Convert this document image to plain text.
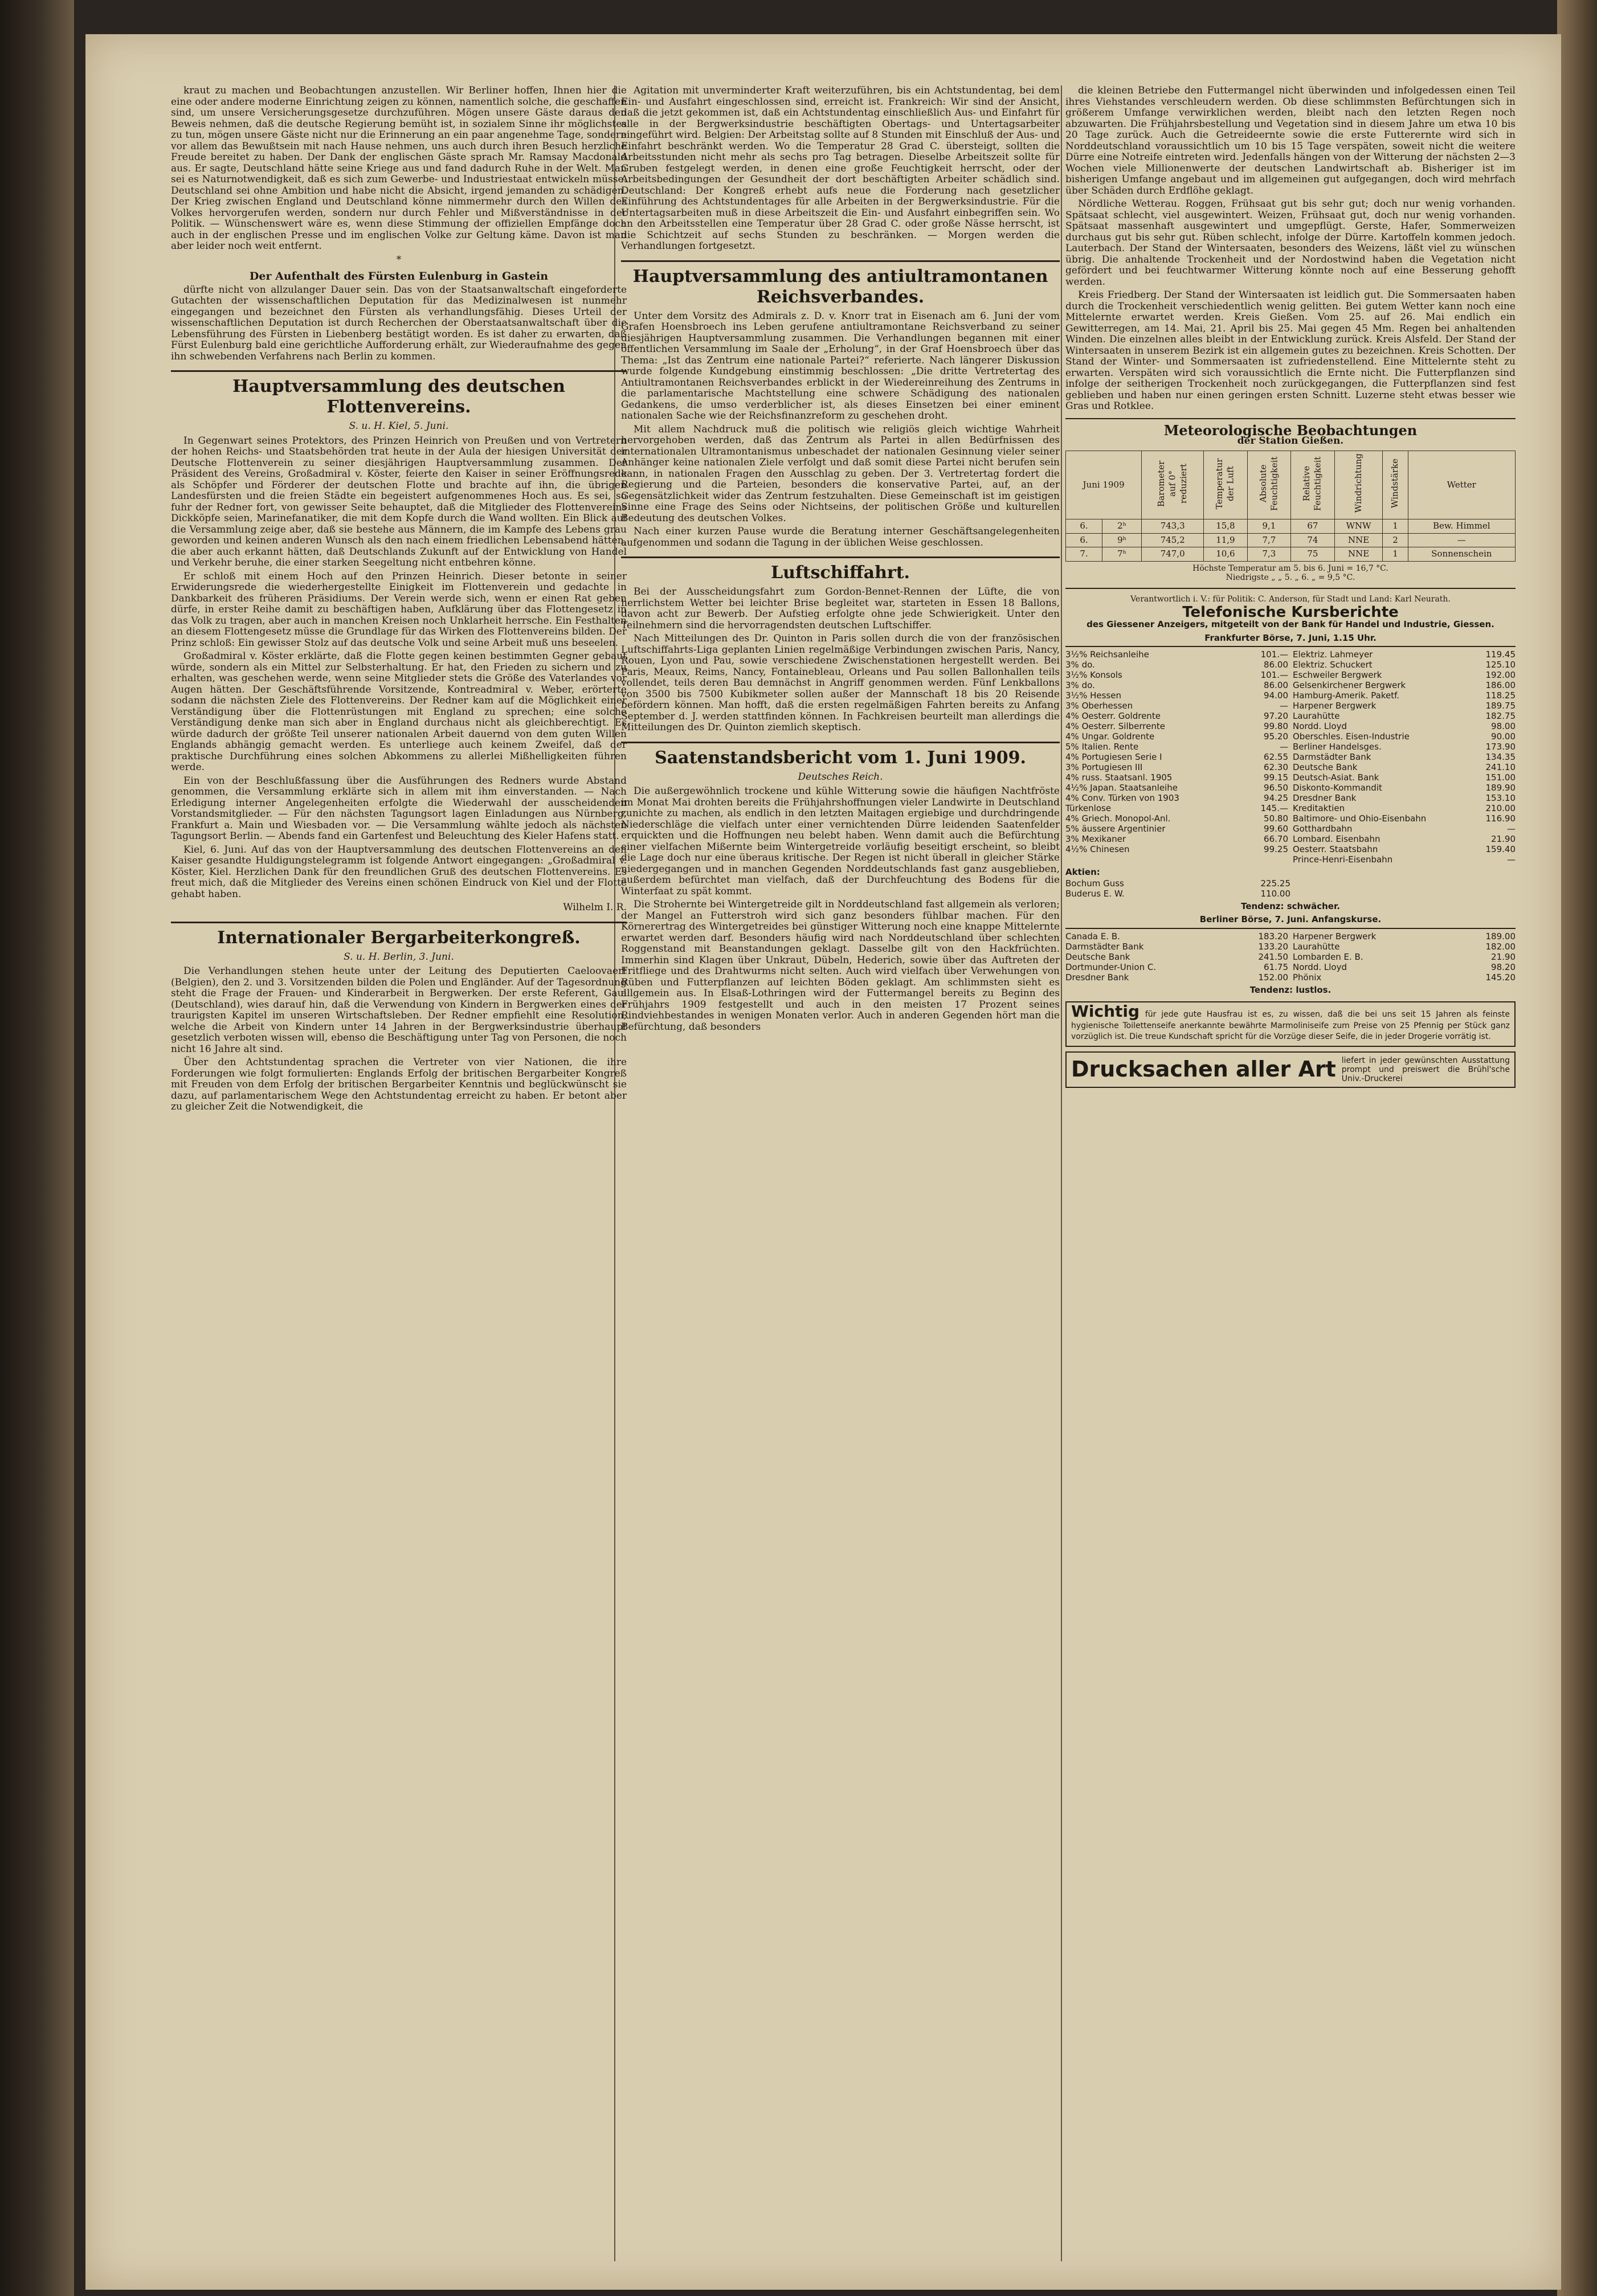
kraut zu machen und Beobachtungen anzustellen. Wir Berliner hoffen, Ihnen hier die eine oder andere moderne Einrichtung zeigen zu können, namentlich solche, die geschaffen sind, um unsere Versicherungsgesetze durchzuführen. Mögen unsere Gäste daraus den Beweis nehmen, daß die deutsche Regierung bemüht ist, in sozialem Sinne ihr möglichstes zu tun, mögen unsere Gäste nicht nur die Erinnerung an ein paar angenehme Tage, sondern vor allem das Bewußtsein mit nach Hause nehmen, uns auch durch ihren Besuch herzliche Freude bereitet zu haben. Der Dank der englischen Gäste sprach Mr. Ramsay Macdonald aus. Er sagte, Deutschland hätte seine Kriege aus und fand dadurch Ruhe in der Welt. Man sei es Naturnotwendigkeit, daß es sich zum Gewerbe- und Industriestaat entwickeln müsse. Deutschland sei ohne Ambition und habe nicht die Absicht, irgend jemanden zu schädigen. Der Krieg zwischen England und Deutschland könne nimmermehr durch den Willen des Volkes hervorgerufen werden, sondern nur durch Fehler und Mißverständnisse in der Politik. — Wünschenswert wäre es, wenn diese Stimmung der offiziellen Empfänge doch auch in der englischen Presse und im englischen Volke zur Geltung käme. Davon ist man aber leider noch weit entfernt.

*
Der Aufenthalt des Fürsten Eulenburg in Gastein

dürfte nicht von allzulanger Dauer sein. Das von der Staatsanwaltschaft eingeforderte Gutachten der wissenschaftlichen Deputation für das Medizinalwesen ist nunmehr eingegangen und bezeichnet den Fürsten als verhandlungsfähig. Dieses Urteil der wissenschaftlichen Deputation ist durch Recherchen der Oberstaatsanwaltschaft über die Lebensführung des Fürsten in Liebenberg bestätigt worden. Es ist daher zu erwarten, daß Fürst Eulenburg bald eine gerichtliche Aufforderung erhält, zur Wiederaufnahme des gegen ihn schwebenden Verfahrens nach Berlin zu kommen.

Hauptversammlung des deutschen Flottenvereins.
S. u. H. Kiel, 5. Juni.

In Gegenwart seines Protektors, des Prinzen Heinrich von Preußen und von Vertretern der hohen Reichs- und Staatsbehörden trat heute in der Aula der hiesigen Universität der Deutsche Flottenverein zu seiner diesjährigen Hauptversammlung zusammen. Der Präsident des Vereins, Großadmiral v. Köster, feierte den Kaiser in seiner Eröffnungsrede als Schöpfer und Förderer der deutschen Flotte und brachte auf ihn, die übrigen Landesfürsten und die freien Städte ein begeistert aufgenommenes Hoch aus. Es sei, so fuhr der Redner fort, von gewisser Seite behauptet, daß die Mitglieder des Flottenvereins Dickköpfe seien, Marinefanatiker, die mit dem Kopfe durch die Wand wollten. Ein Blick auf die Versammlung zeige aber, daß sie bestehe aus Männern, die im Kampfe des Lebens grau geworden und keinen anderen Wunsch als den nach einem friedlichen Lebensabend hätten, die aber auch erkannt hätten, daß Deutschlands Zukunft auf der Entwicklung von Handel und Verkehr beruhe, die einer starken Seegeltung nicht entbehren könne.

Er schloß mit einem Hoch auf den Prinzen Heinrich. Dieser betonte in seiner Erwiderungsrede die wiederhergestellte Einigkeit im Flottenverein und gedachte in Dankbarkeit des früheren Präsidiums. Der Verein werde sich, wenn er einen Rat geben dürfe, in erster Reihe damit zu beschäftigen haben, Aufklärung über das Flottengesetz in das Volk zu tragen, aber auch in manchen Kreisen noch Unklarheit herrsche. Ein Festhalten an diesem Flottengesetz müsse die Grundlage für das Wirken des Flottenvereins bilden. Der Prinz schloß: Ein gewisser Stolz auf das deutsche Volk und seine Arbeit muß uns beseelen.

Großadmiral v. Köster erklärte, daß die Flotte gegen keinen bestimmten Gegner gebaut würde, sondern als ein Mittel zur Selbsterhaltung. Er hat, den Frieden zu sichern und zu erhalten, was geschehen werde, wenn seine Mitglieder stets die Größe des Vaterlandes vor Augen hätten. Der Geschäftsführende Vorsitzende, Kontreadmiral v. Weber, erörterte sodann die nächsten Ziele des Flottenvereins. Der Redner kam auf die Möglichkeit einer Verständigung über die Flottenrüstungen mit England zu sprechen; eine solche Verständigung denke man sich aber in England durchaus nicht als gleichberechtigt. Es würde dadurch der größte Teil unserer nationalen Arbeit dauernd von dem guten Willen Englands abhängig gemacht werden. Es unterliege auch keinem Zweifel, daß der praktische Durchführung eines solchen Abkommens zu allerlei Mißhelligkeiten führen werde.

Ein von der Beschlußfassung über die Ausführungen des Redners wurde Abstand genommen, die Versammlung erklärte sich in allem mit ihm einverstanden. — Nach Erledigung interner Angelegenheiten erfolgte die Wiederwahl der ausscheidenden Vorstandsmitglieder. — Für den nächsten Tagungsort lagen Einladungen aus Nürnberg, Frankfurt a. Main und Wiesbaden vor. — Die Versammlung wählte jedoch als nächsten Tagungsort Berlin. — Abends fand ein Gartenfest und Beleuchtung des Kieler Hafens statt.

Kiel, 6. Juni. Auf das von der Hauptversammlung des deutschen Flottenvereins an den Kaiser gesandte Huldigungstelegramm ist folgende Antwort eingegangen: „Großadmiral v. Köster, Kiel. Herzlichen Dank für den freundlichen Gruß des deutschen Flottenvereins. Es freut mich, daß die Mitglieder des Vereins einen schönen Eindruck von Kiel und der Flotte gehabt haben.

Wilhelm I. R.
Internationaler Bergarbeiterkongreß.
S. u. H. Berlin, 3. Juni.

Die Verhandlungen stehen heute unter der Leitung des Deputierten Caeloovaert (Belgien), den 2. und 3. Vorsitzenden bilden die Polen und Engländer. Auf der Tagesordnung steht die Frage der Frauen- und Kinderarbeit in Bergwerken. Der erste Referent, Gaul (Deutschland), wies darauf hin, daß die Verwendung von Kindern in Bergwerken eines der traurigsten Kapitel im unseren Wirtschaftsleben. Der Redner empfiehlt eine Resolution, welche die Arbeit von Kindern unter 14 Jahren in der Bergwerksindustrie überhaupt gesetzlich verboten wissen will, ebenso die Beschäftigung unter Tag von Personen, die noch nicht 16 Jahre alt sind.

Über den Achtstundentag sprachen die Vertreter von vier Nationen, die ihre Forderungen wie folgt formulierten: Englands Erfolg der britischen Bergarbeiter Kongreß mit Freuden von dem Erfolg der britischen Bergarbeiter Kenntnis und beglückwünscht sie dazu, auf parlamentarischem Wege den Achtstundentag erreicht zu haben. Er betont aber zu gleicher Zeit die Notwendigkeit, die

Agitation mit unverminderter Kraft weiterzuführen, bis ein Achtstundentag, bei dem Ein- und Ausfahrt eingeschlossen sind, erreicht ist. Frankreich: Wir sind der Ansicht, daß die jetzt gekommen ist, daß ein Achtstundentag einschließlich Aus- und Einfahrt für alle in der Bergwerksindustrie beschäftigten Obertags- und Untertagsarbeiter eingeführt wird. Belgien: Der Arbeitstag sollte auf 8 Stunden mit Einschluß der Aus- und Einfahrt beschränkt werden. Wo die Temperatur 28 Grad C. übersteigt, sollten die Arbeitsstunden nicht mehr als sechs pro Tag betragen. Dieselbe Arbeitszeit sollte für Gruben festgelegt werden, in denen eine große Feuchtigkeit herrscht, oder der Arbeitsbedingungen der Gesundheit der dort beschäftigten Arbeiter schädlich sind. Deutschland: Der Kongreß erhebt aufs neue die Forderung nach gesetzlicher Einführung des Achtstundentages für alle Arbeiten in der Bergwerksindustrie. Für die Untertagsarbeiten muß in diese Arbeitszeit die Ein- und Ausfahrt einbegriffen sein. Wo an den Arbeitsstellen eine Temperatur über 28 Grad C. oder große Nässe herrscht, ist die Schichtzeit auf sechs Stunden zu beschränken. — Morgen werden die Verhandlungen fortgesetzt.

Hauptversammlung des antiultramontanen Reichsverbandes.

Unter dem Vorsitz des Admirals z. D. v. Knorr trat in Eisenach am 6. Juni der vom Grafen Hoensbroech ins Leben gerufene antiultramontane Reichsverband zu seiner diesjährigen Hauptversammlung zusammen. Die Verhandlungen begannen mit einer öffentlichen Versammlung im Saale der „Erholung“, in der Graf Hoensbroech über das Thema: „Ist das Zentrum eine nationale Partei?“ referierte. Nach längerer Diskussion wurde folgende Kundgebung einstimmig beschlossen: „Die dritte Vertretertag des Antiultramontanen Reichsverbandes erblickt in der Wiedereinreihung des Zentrums in die parlamentarische Machtstellung eine schwere Schädigung des nationalen Gedankens, die umso verderblicher ist, als dieses Einsetzen bei einer eminent nationalen Sache wie der Reichsfinanzreform zu geschehen droht.

Mit allem Nachdruck muß die politisch wie religiös gleich wichtige Wahrheit hervorgehoben werden, daß das Zentrum als Partei in allen Bedürfnissen des internationalen Ultramontanismus unbeschadet der nationalen Gesinnung vieler seiner Anhänger keine nationalen Ziele verfolgt und daß somit diese Partei nicht berufen sein kann, in nationalen Fragen den Ausschlag zu geben. Der 3. Vertretertag fordert die Regierung und die Parteien, besonders die konservative Partei, auf, an der Gegensätzlichkeit wider das Zentrum festzuhalten. Diese Gemeinschaft ist im geistigen Sinne eine Frage des Seins oder Nichtseins, der politischen Größe und kulturellen Bedeutung des deutschen Volkes.

Nach einer kurzen Pause wurde die Beratung interner Geschäftsangelegenheiten aufgenommen und sodann die Tagung in der üblichen Weise geschlossen.

Luftschiffahrt.

Bei der Ausscheidungsfahrt zum Gordon-Bennet-Rennen der Lüfte, die von herrlichstem Wetter bei leichter Brise begleitet war, starteten in Essen 18 Ballons, davon acht zur Bewerb. Der Aufstieg erfolgte ohne jede Schwierigkeit. Unter den Teilnehmern sind die hervorragendsten deutschen Luftschiffer.

Nach Mitteilungen des Dr. Quinton in Paris sollen durch die von der französischen Luftschiffahrts-Liga geplanten Linien regelmäßige Verbindungen zwischen Paris, Nancy, Rouen, Lyon und Pau, sowie verschiedene Zwischenstationen hergestellt werden. Bei Paris, Meaux, Reims, Nancy, Fontainebleau, Orleans und Pau sollen Ballonhallen teils vollendet, teils deren Bau demnächst in Angriff genommen werden. Fünf Lenkballons von 3500 bis 7500 Kubikmeter sollen außer der Mannschaft 18 bis 20 Reisende befördern können. Man hofft, daß die ersten regelmäßigen Fahrten bereits zu Anfang September d. J. werden stattfinden können. In Fachkreisen beurteilt man allerdings die Mitteilungen des Dr. Quinton ziemlich skeptisch.

Saatenstandsbericht vom 1. Juni 1909.
Deutsches Reich.

Die außergewöhnlich trockene und kühle Witterung sowie die häufigen Nachtfröste im Monat Mai drohten bereits die Frühjahrshoffnungen vieler Landwirte in Deutschland zunichte zu machen, als endlich in den letzten Maitagen ergiebige und durchdringende Niederschläge die vielfach unter einer vernichtenden Dürre leidenden Saatenfelder erquickten und die Hoffnungen neu belebt haben. Wenn damit auch die Befürchtung einer vielfachen Mißernte beim Wintergetreide vorläufig beseitigt erscheint, so bleibt die Lage doch nur eine überaus kritische. Der Regen ist nicht überall in gleicher Stärke niedergegangen und in manchen Gegenden Norddeutschlands fast ganz ausgeblieben, außerdem befürchtet man vielfach, daß der Durchfeuchtung des Bodens für die Winterfaat zu spät kommt.

Die Strohernte bei Wintergetreide gilt in Norddeutschland fast allgemein als verloren; der Mangel an Futterstroh wird sich ganz besonders fühlbar machen. Für den Körnerertrag des Wintergetreides bei günstiger Witterung noch eine knappe Mittelernte erwartet werden darf. Besonders häufig wird nach Norddeutschland über schlechten Roggenstand mit Beanstandungen geklagt. Dasselbe gilt von den Hackfrüchten. Immerhin sind Klagen über Unkraut, Dübeln, Hederich, sowie über das Auftreten der Fritfliege und des Drahtwurms nicht selten. Auch wird vielfach über Verwehungen von Rüben und Futterpflanzen auf leichten Böden geklagt. Am schlimmsten sieht es allgemein aus. In Elsaß-Lothringen wird der Futtermangel bereits zu Beginn des Frühjahrs 1909 festgestellt und auch in den meisten 17 Prozent seines Rindviehbestandes in wenigen Monaten verlor. Auch in anderen Gegenden hört man die Befürchtung, daß besonders

die kleinen Betriebe den Futtermangel nicht überwinden und infolgedessen einen Teil ihres Viehstandes verschleudern werden. Ob diese schlimmsten Befürchtungen sich in größerem Umfange verwirklichen werden, bleibt nach den letzten Regen noch abzuwarten. Die Frühjahrsbestellung und Vegetation sind in diesem Jahre um etwa 10 bis 20 Tage zurück. Auch die Getreideernte sowie die erste Futterernte wird sich in Norddeutschland voraussichtlich um 10 bis 15 Tage verspäten, soweit nicht die weitere Dürre eine Notreife eintreten wird. Jedenfalls hängen von der Witterung der nächsten 2—3 Wochen viele Millionenwerte der deutschen Landwirtschaft ab. Bisheriger ist im bisherigen Umfange angebaut und im allgemeinen gut aufgegangen, doch wird mehrfach über Schäden durch Erdflöhe geklagt.

Nördliche Wetterau. Roggen, Frühsaat gut bis sehr gut; doch nur wenig vorhanden. Spätsaat schlecht, viel ausgewintert. Weizen, Frühsaat gut, doch nur wenig vorhanden. Spätsaat massenhaft ausgewintert und umgepflügt. Gerste, Hafer, Sommerweizen durchaus gut bis sehr gut. Rüben schlecht, infolge der Dürre. Kartoffeln kommen jedoch. Lauterbach. Der Stand der Wintersaaten, besonders des Weizens, läßt viel zu wünschen übrig. Die anhaltende Trockenheit und der Nordostwind haben die Vegetation nicht gefördert und bei feuchtwarmer Witterung könnte noch auf eine Besserung gehofft werden.

Kreis Friedberg. Der Stand der Wintersaaten ist leidlich gut. Die Sommersaaten haben durch die Trockenheit verschiedentlich wenig gelitten. Bei gutem Wetter kann noch eine Mittelernte erwartet werden. Kreis Gießen. Vom 25. auf 26. Mai endlich ein Gewitterregen, am 14. Mai, 21. April bis 25. Mai gegen 45 Mm. Regen bei anhaltenden Winden. Die einzelnen alles bleibt in der Entwicklung zurück. Kreis Alsfeld. Der Stand der Wintersaaten in unserem Bezirk ist ein allgemein gutes zu bezeichnen. Kreis Schotten. Der Stand der Winter- und Sommersaaten ist zufriedenstellend. Eine Mittelernte steht zu erwarten. Verspäten wird sich voraussichtlich die Ernte nicht. Die Futterpflanzen sind infolge der seitherigen Trockenheit noch zurückgegangen, die Futterpflanzen sind fest geblieben und haben nur einen geringen ersten Schnitt. Luzerne steht etwas besser wie Gras und Rotklee.

Meteorologische Beobachtungen
der Station Gießen.
Juni 1909		Barometer auf 0° reduziert	Temperatur der Luft	Absolute Feuchtigkeit	Relative Feuchtigkeit	Windrichtung	Windstärke	Wetter
6.	2ʰ	743,3	15,8	9,1	67	WNW	1	Bew. Himmel
6.	9ʰ	745,2	11,9	7,7	74	NNE	2	—
7.	7ʰ	747,0	10,6	7,3	75	NNE	1	Sonnenschein
Höchste Temperatur am 5. bis 6. Juni = 16,7 °C.
Niedrigste „ „ 5. „ 6. „ = 9,5 °C.
Verantwortlich i. V.: für Politik: C. Anderson, für Stadt und Land: Karl Neurath.
Telefonische Kursberichte
des Giessener Anzeigers, mitgeteilt von der Bank für Handel und Industrie, Giessen.
Frankfurter Börse, 7. Juni, 1.15 Uhr.
3½% Reichsanleihe	101.—
3% do.	86.00
3½% Konsols	101.—
3% do.	86.00
3½% Hessen	94.00
3% Oberhessen	—
4% Oesterr. Goldrente	97.20
4% Oesterr. Silberrente	99.80
4% Ungar. Goldrente	95.20
5% Italien. Rente	—
4% Portugiesen Serie I	62.55
3% Portugiesen III	62.30
4% russ. Staatsanl. 1905	99.15
4½% Japan. Staatsanleihe	96.50
4% Conv. Türken von 1903	94.25
Türkenlose	145.—
4% Griech. Monopol-Anl.	50.80
5% äussere Argentinier	99.60
3% Mexikaner	66.70
4½% Chinesen	99.25
Elektriz. Lahmeyer	119.45
Elektriz. Schuckert	125.10
Eschweiler Bergwerk	192.00
Gelsenkirchener Bergwerk	186.00
Hamburg-Amerik. Paketf.	118.25
Harpener Bergwerk	189.75
Laurahütte	182.75
Nordd. Lloyd	98.00
Oberschles. Eisen-Industrie	90.00
Berliner Handelsges.	173.90
Darmstädter Bank	134.35
Deutsche Bank	241.10
Deutsch-Asiat. Bank	151.00
Diskonto-Kommandit	189.90
Dresdner Bank	153.10
Kreditaktien	210.00
Baltimore- und Ohio-Eisenbahn	116.90
Gotthardbahn	—
Lombard. Eisenbahn	21.90
Oesterr. Staatsbahn	159.40
Prince-Henri-Eisenbahn	—
Aktien:
Bochum Guss	225.25
Buderus E. W.	110.00
Tendenz: schwächer.
Berliner Börse, 7. Juni. Anfangskurse.
Canada E. B.	183.20
Darmstädter Bank	133.20
Deutsche Bank	241.50
Dortmunder-Union C.	61.75
Dresdner Bank	152.00
Harpener Bergwerk	189.00
Laurahütte	182.00
Lombarden E. B.	21.90
Nordd. Lloyd	98.20
Phönix	145.20
Tendenz: lustlos.
Wichtig für jede gute Hausfrau ist es, zu wissen, daß die bei uns seit 15 Jahren als feinste hygienische Toilettenseife anerkannte bewährte Marmoliniseife zum Preise von 25 Pfennig per Stück ganz vorzüglich ist. Die treue Kundschaft spricht für die Vorzüge dieser Seife, die in jeder Drogerie vorrätig ist.
Drucksachen aller Art liefert in jeder gewünschten Ausstattung prompt und preiswert die Brühl'sche Univ.-Druckerei
